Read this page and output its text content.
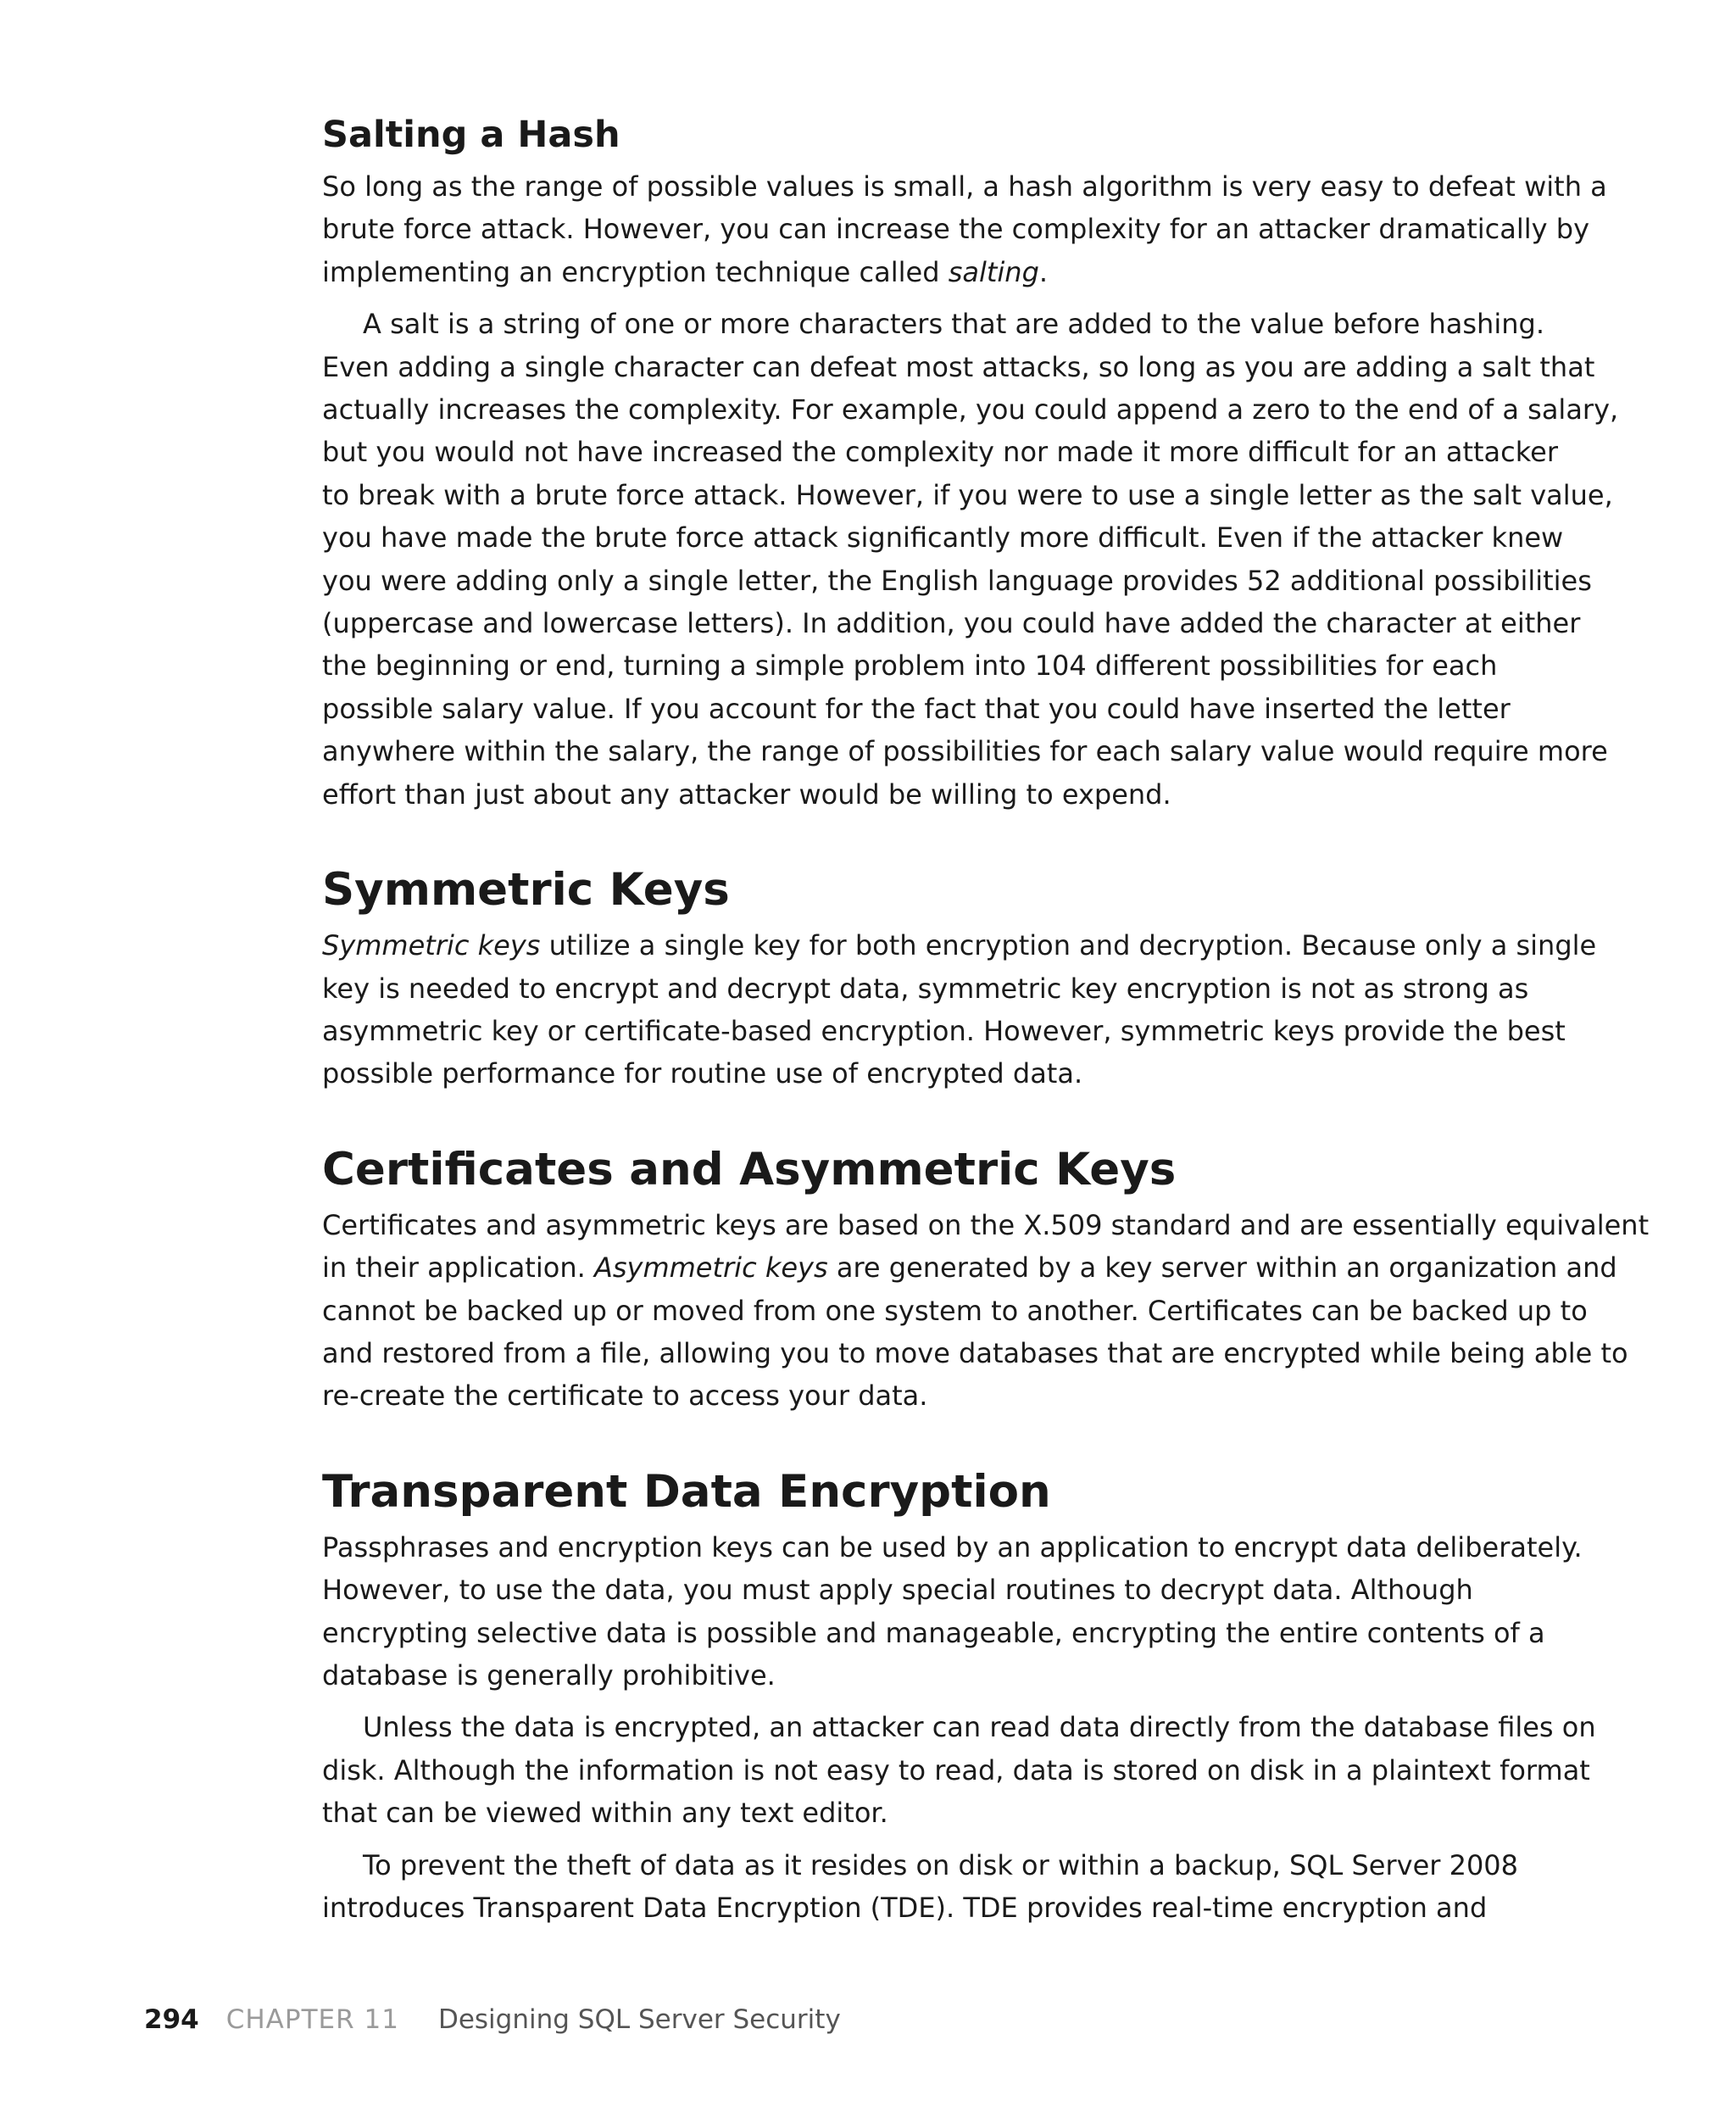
Salting a Hash

So long as the range of possible values is small, a hash algorithm is very easy to defeat with a
brute force attack. However, you can increase the complexity for an attacker dramatically by
implementing an encryption technique called salting.

A salt is a string of one or more characters that are added to the value before hashing.
Even adding a single character can defeat most attacks, so long as you are adding a salt that
actually increases the complexity. For example, you could append a zero to the end of a salary,
but you would not have increased the complexity nor made it more difficult for an attacker
to break with a brute force attack. However, if you were to use a single letter as the salt value,
you have made the brute force attack significantly more difficult. Even if the attacker knew
you were adding only a single letter, the English language provides 52 additional possibilities
(uppercase and lowercase letters). In addition, you could have added the character at either
the beginning or end, turning a simple problem into 104 different possibilities for each
possible salary value. If you account for the fact that you could have inserted the letter
anywhere within the salary, the range of possibilities for each salary value would require more
effort than just about any attacker would be willing to expend.

Symmetric Keys

Symmetric keys utilize a single key for both encryption and decryption. Because only a single
key is needed to encrypt and decrypt data, symmetric key encryption is not as strong as
asymmetric key or certificate-based encryption. However, symmetric keys provide the best
possible performance for routine use of encrypted data.

Certificates and Asymmetric Keys

Certificates and asymmetric keys are based on the X.509 standard and are essentially equivalent
in their application. Asymmetric keys are generated by a key server within an organization and
cannot be backed up or moved from one system to another. Certificates can be backed up to
and restored from a file, allowing you to move databases that are encrypted while being able to
re-create the certificate to access your data.

Transparent Data Encryption

Passphrases and encryption keys can be used by an application to encrypt data deliberately.
However, to use the data, you must apply special routines to decrypt data. Although
encrypting selective data is possible and manageable, encrypting the entire contents of a
database is generally prohibitive.

Unless the data is encrypted, an attacker can read data directly from the database files on
disk. Although the information is not easy to read, data is stored on disk in a plaintext format
that can be viewed within any text editor.

To prevent the theft of data as it resides on disk or within a backup, SQL Server 2008
introduces Transparent Data Encryption (TDE). TDE provides real-time encryption and

294 CHAPTER 11 Designing SQL Server Security
